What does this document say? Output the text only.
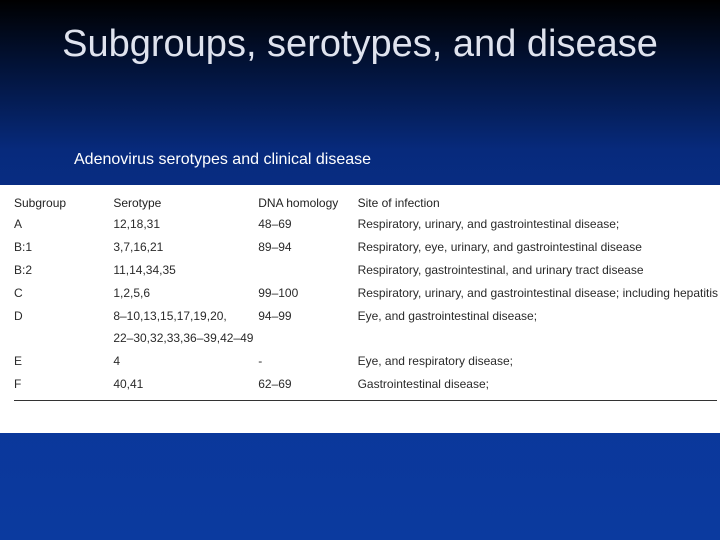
Subgroups, serotypes, and disease
Adenovirus serotypes and clinical disease
Subgroup	Serotype	DNA homology	Site of infection
A	12,18,31	48–69	Respiratory, urinary, and gastrointestinal disease;
B:1	3,7,16,21	89–94	Respiratory, eye, urinary, and gastrointestinal disease
B:2	11,14,34,35		Respiratory, gastrointestinal, and urinary tract disease
C	1,2,5,6	99–100	Respiratory, urinary, and gastrointestinal disease; including hepatitis
D	8–10,13,15,17,19,20,	94–99	Eye, and gastrointestinal disease;
	22–30,32,33,36–39,42–49		
E	4	-	Eye, and respiratory disease;
F	40,41	62–69	Gastrointestinal disease;
